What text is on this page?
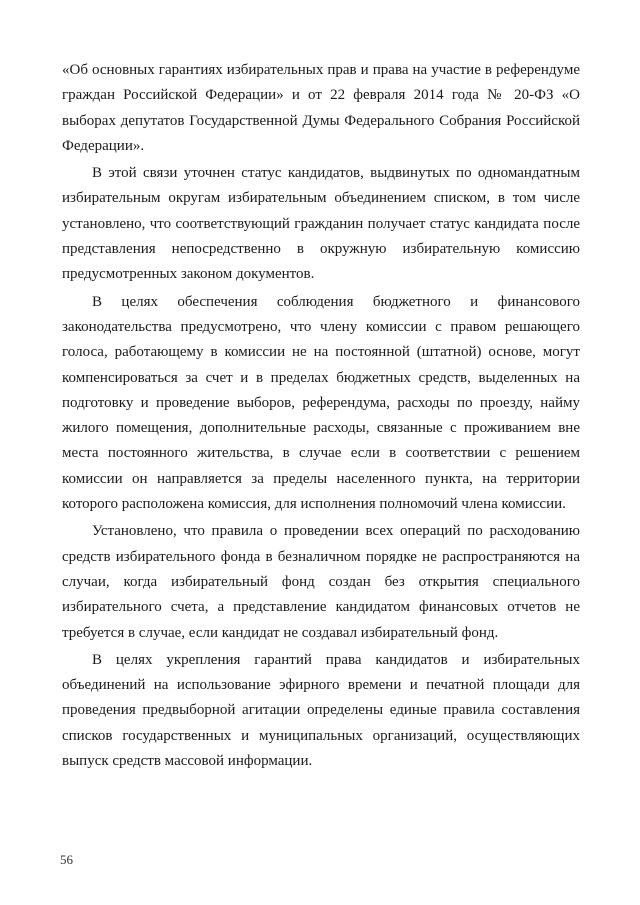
«Об основных гарантиях избирательных прав и права на участие в референдуме граждан Российской Федерации» и от 22 февраля 2014 года № 20-ФЗ «О выборах депутатов Государственной Думы Федерального Собрания Российской Федерации».

В этой связи уточнен статус кандидатов, выдвинутых по одномандатным избирательным округам избирательным объединением списком, в том числе установлено, что соответствующий гражданин получает статус кандидата после представления непосредственно в окружную избирательную комиссию предусмотренных законом документов.

В целях обеспечения соблюдения бюджетного и финансового законодательства предусмотрено, что члену комиссии с правом решающего голоса, работающему в комиссии не на постоянной (штатной) основе, могут компенсироваться за счет и в пределах бюджетных средств, выделенных на подготовку и проведение выборов, референдума, расходы по проезду, найму жилого помещения, дополнительные расходы, связанные с проживанием вне места постоянного жительства, в случае если в соответствии с решением комиссии он направляется за пределы населенного пункта, на территории которого расположена комиссия, для исполнения полномочий члена комиссии.

Установлено, что правила о проведении всех операций по расходованию средств избирательного фонда в безналичном порядке не распространяются на случаи, когда избирательный фонд создан без открытия специального избирательного счета, а представление кандидатом финансовых отчетов не требуется в случае, если кандидат не создавал избирательный фонд.

В целях укрепления гарантий права кандидатов и избирательных объединений на использование эфирного времени и печатной площади для проведения предвыборной агитации определены единые правила составления списков государственных и муниципальных организаций, осуществляющих выпуск средств массовой информации.

56
